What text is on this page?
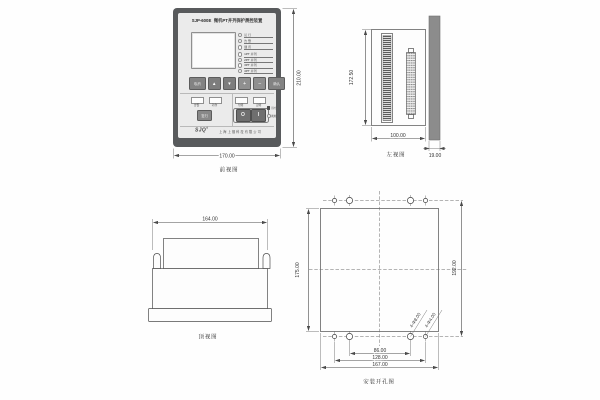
170.00
210.00
前视图
172.50
100.00
19.00
左视图
164.00
顶视图
175.00	192.00
86.00
128.00
167.00
4-Φ8.00 4-Φ4.00
安装开孔图
SJP-600E 微机PT并列保护测控装置
运 行
告 警
通 讯
1PT 并列
2PT 并列
3PT 并列
4PT 并列
取消	▲	▼	+	−	确认
告警	动作
复归
分闸	合闸
O	I
远方
就地
SJQ®
上海上继科技有限公司
